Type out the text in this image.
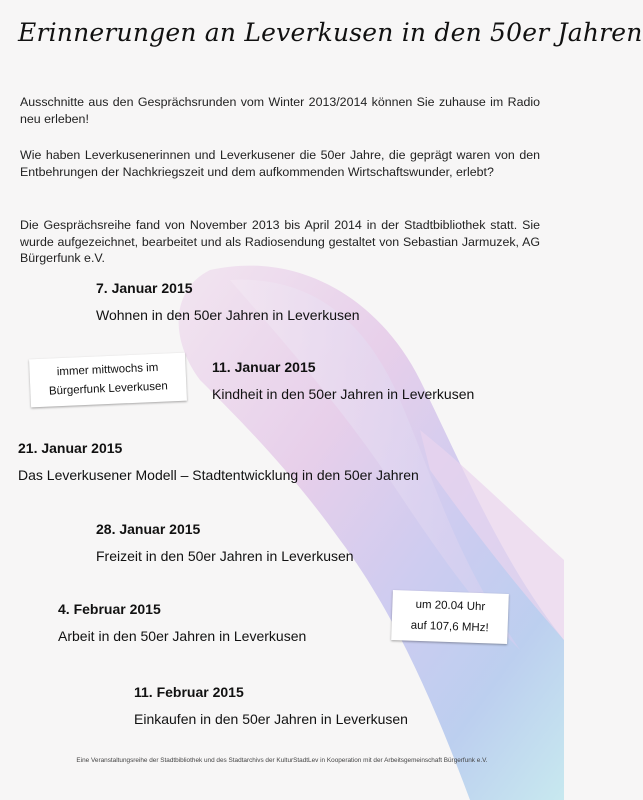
Erinnerungen an Leverkusen in den 50er Jahren

Ausschnitte aus den Gesprächsrunden vom Winter 2013/2014 können Sie zuhause im Radio neu erleben!

Wie haben Leverkusenerinnen und Leverkusener die 50er Jahre, die geprägt waren von den Entbehrungen der Nachkriegszeit und dem aufkommenden Wirtschaftswunder, erlebt?

Die Gesprächsreihe fand von November 2013 bis April 2014 in der Stadtbibliothek statt. Sie wurde aufgezeichnet, bearbeitet und als Radiosendung gestaltet von Sebastian Jarmuzek, AG Bürgerfunk e.V.

7. Januar 2015
Wohnen in den 50er Jahren in Leverkusen
11. Januar 2015
Kindheit in den 50er Jahren in Leverkusen
21. Januar 2015
Das Leverkusener Modell – Stadtentwicklung in den 50er Jahren
28. Januar 2015
Freizeit in den 50er Jahren in Leverkusen
4. Februar 2015
Arbeit in den 50er Jahren in Leverkusen
11. Februar 2015
Einkaufen in den 50er Jahren in Leverkusen
immer mittwochs im
Bürgerfunk Leverkusen
um 20.04 Uhr
auf 107,6 MHz!
Eine Veranstaltungsreihe der Stadtbibliothek und des Stadtarchivs der KulturStadtLev in Kooperation mit der Arbeitsgemeinschaft Bürgerfunk e.V.
